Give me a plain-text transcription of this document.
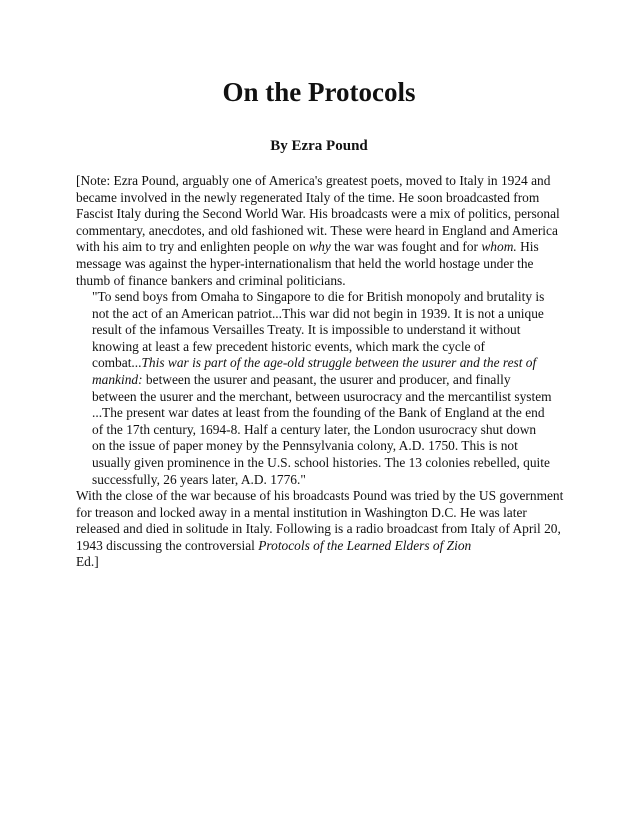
On the Protocols
By Ezra Pound

[Note: Ezra Pound, arguably one of America's greatest poets, moved to Italy in 1924 and became involved in the newly regenerated Italy of the time. He soon broadcasted from Fascist Italy during the Second World War. His broadcasts were a mix of politics, personal commentary, anecdotes, and old fashioned wit. These were heard in England and America with his aim to try and enlighten people on why the war was fought and for whom. His message was against the hyper-internationalism that held the world hostage under the thumb of finance bankers and criminal politicians.

"To send boys from Omaha to Singapore to die for British monopoly and brutality is not the act of an American patriot...This war did not begin in 1939. It is not a unique result of the infamous Versailles Treaty. It is impossible to understand it without knowing at least a few precedent historic events, which mark the cycle of combat...This war is part of the age-old struggle between the usurer and the rest of mankind: between the usurer and peasant, the usurer and producer, and finally between the usurer and the merchant, between usurocracy and the mercantilist system ...The present war dates at least from the founding of the Bank of England at the end of the 17th century, 1694-8. Half a century later, the London usurocracy shut down on the issue of paper money by the Pennsylvania colony, A.D. 1750. This is not usually given prominence in the U.S. school histories. The 13 colonies rebelled, quite successfully, 26 years later, A.D. 1776."

With the close of the war because of his broadcasts Pound was tried by the US government for treason and locked away in a mental institution in Washington D.C. He was later released and died in solitude in Italy. Following is a radio broadcast from Italy of April 20, 1943 discussing the controversial Protocols of the Learned Elders of Zion
Ed.]
